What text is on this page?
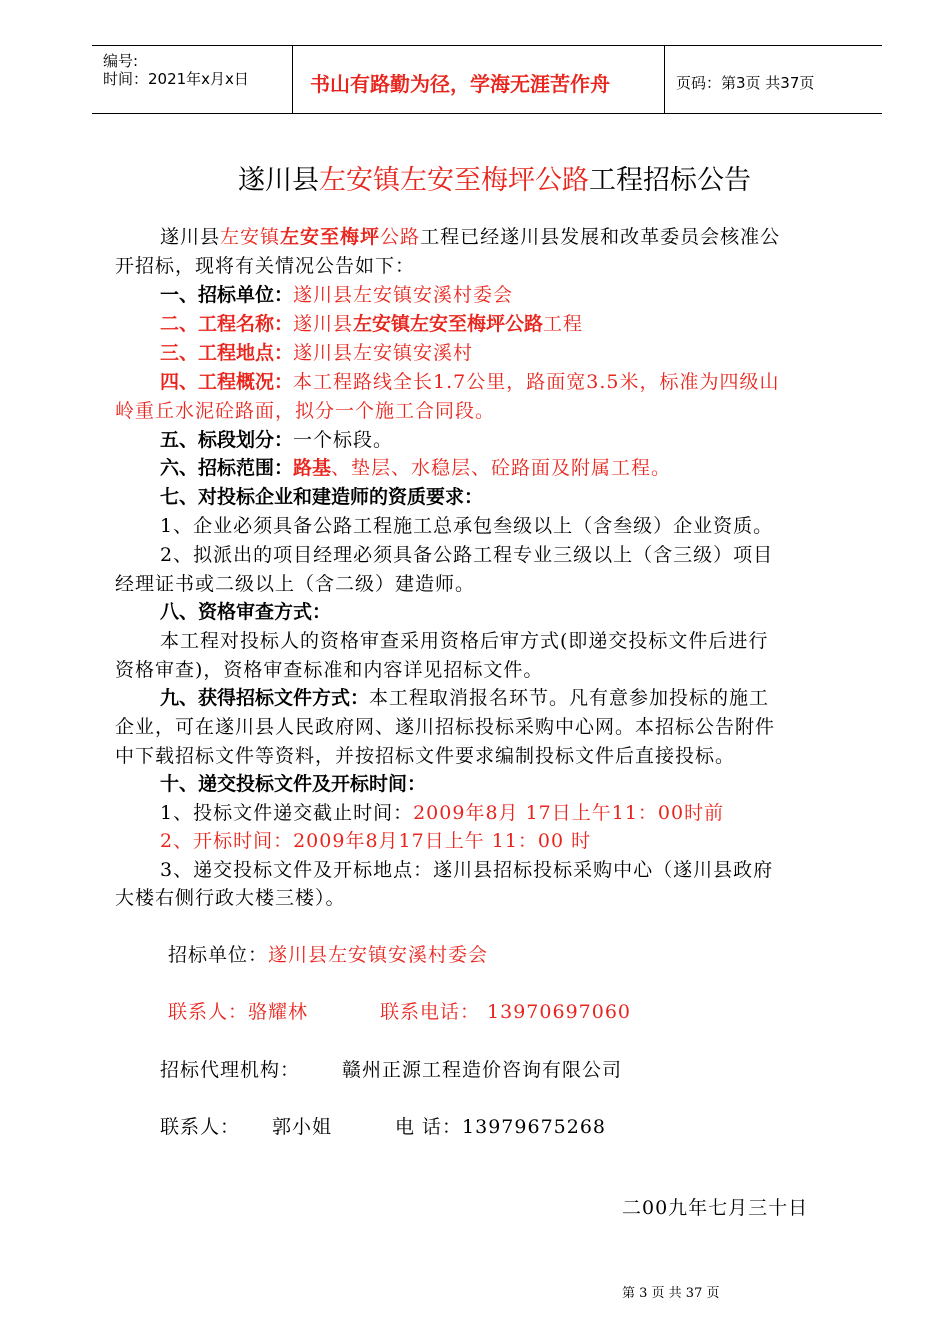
编号:
时间：2021年x月x日	书山有路勤为径，学海无涯苦作舟	页码：第3页 共37页
遂川县左安镇左安至梅坪公路工程招标公告
遂川县左安镇左安至梅坪公路工程已经遂川县发展和改革委员会核准公
开招标，现将有关情况公告如下：
一、招标单位：遂川县左安镇安溪村委会
二、工程名称：遂川县左安镇左安至梅坪公路工程
三、工程地点：遂川县左安镇安溪村
四、工程概况：本工程路线全长1.7公里，路面宽3.5米，标准为四级山
岭重丘水泥砼路面，拟分一个施工合同段。
五、标段划分：一个标段。
六、招标范围：路基、垫层、水稳层、砼路面及附属工程。
七、对投标企业和建造师的资质要求：
1、企业必须具备公路工程施工总承包叁级以上（含叁级）企业资质。
2、拟派出的项目经理必须具备公路工程专业三级以上（含三级）项目
经理证书或二级以上（含二级）建造师。
八、资格审查方式：
本工程对投标人的资格审查采用资格后审方式(即递交投标文件后进行
资格审查)，资格审查标准和内容详见招标文件。
九、获得招标文件方式：本工程取消报名环节。凡有意参加投标的施工
企业，可在遂川县人民政府网、遂川招标投标采购中心网。本招标公告附件
中下载招标文件等资料，并按招标文件要求编制投标文件后直接投标。
十、递交投标文件及开标时间：
1、投标文件递交截止时间：2009年8月 17日上午11：00时前
2、开标时间：2009年8月17日上午 11：00 时
3、递交投标文件及开标地点：遂川县招标投标采购中心（遂川县政府
大楼右侧行政大楼三楼）。
招标单位：遂川县左安镇安溪村委会
联系人：骆耀林	联系电话： 13970697060
招标代理机构： 赣州正源工程造价咨询有限公司
联系人： 郭小姐	电 话：13979675268
二00九年七月三十日
第 3 页 共 37 页
